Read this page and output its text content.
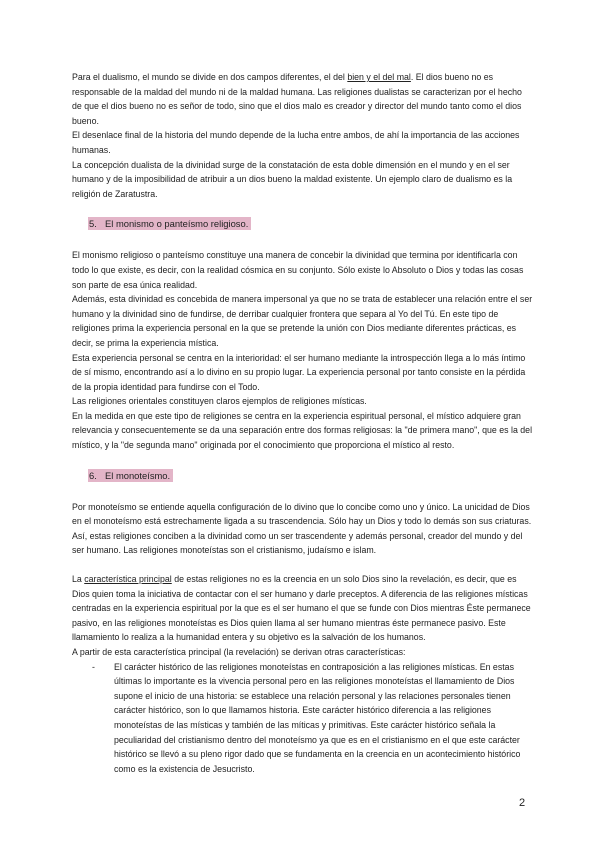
Para el dualismo, el mundo se divide en dos campos diferentes, el del bien y el del mal. El dios bueno no es responsable de la maldad del mundo ni de la maldad humana. Las religiones dualistas se caracterizan por el hecho de que el dios bueno no es señor de todo, sino que el dios malo es creador y director del mundo tanto como el dios bueno.

El desenlace final de la historia del mundo depende de la lucha entre ambos, de ahí la importancia de las acciones humanas.

La concepción dualista de la divinidad surge de la constatación de esta doble dimensión en el mundo y en el ser humano y de la imposibilidad de atribuir a un dios bueno la maldad existente. Un ejemplo claro de dualismo es la religión de Zaratustra.

5. El monismo o panteísmo religioso.

El monismo religioso o panteísmo constituye una manera de concebir la divinidad que termina por identificarla con todo lo que existe, es decir, con la realidad cósmica en su conjunto. Sólo existe lo Absoluto o Dios y todas las cosas son parte de esa única realidad.

Además, esta divinidad es concebida de manera impersonal ya que no se trata de establecer una relación entre el ser humano y la divinidad sino de fundirse, de derribar cualquier frontera que separa al Yo del Tú. En este tipo de religiones prima la experiencia personal en la que se pretende la unión con Dios mediante diferentes prácticas, es decir, se prima la experiencia mística.

Esta experiencia personal se centra en la interioridad: el ser humano mediante la introspección llega a lo más íntimo de sí mismo, encontrando así a lo divino en su propio lugar. La experiencia personal por tanto consiste en la pérdida de la propia identidad para fundirse con el Todo.

Las religiones orientales constituyen claros ejemplos de religiones místicas.

En la medida en que este tipo de religiones se centra en la experiencia espiritual personal, el místico adquiere gran relevancia y consecuentemente se da una separación entre dos formas religiosas: la "de primera mano", que es la del místico, y la "de segunda mano" originada por el conocimiento que proporciona el místico al resto.

6. El monoteísmo.

Por monoteísmo se entiende aquella configuración de lo divino que lo concibe como uno y único. La unicidad de Dios en el monoteísmo está estrechamente ligada a su trascendencia. Sólo hay un Dios y todo lo demás son sus criaturas. Así, estas religiones conciben a la divinidad como un ser trascendente y además personal, creador del mundo y del ser humano. Las religiones monoteístas son el cristianismo, judaísmo e islam.

La característica principal de estas religiones no es la creencia en un solo Dios sino la revelación, es decir, que es Dios quien toma la iniciativa de contactar con el ser humano y darle preceptos. A diferencia de las religiones místicas centradas en la experiencia espiritual por la que es el ser humano el que se funde con Dios mientras Éste permanece pasivo, en las religiones monoteístas es Dios quien llama al ser humano mientras éste permanece pasivo. Este llamamiento lo realiza a la humanidad entera y su objetivo es la salvación de los humanos.

A partir de esta característica principal (la revelación) se derivan otras características:

- El carácter histórico de las religiones monoteístas en contraposición a las religiones místicas. En estas últimas lo importante es la vivencia personal pero en las religiones monoteístas el llamamiento de Dios supone el inicio de una historia: se establece una relación personal y las relaciones personales tienen carácter histórico, son lo que llamamos historia. Este carácter histórico diferencia a las religiones monoteístas de las místicas y también de las míticas y primitivas. Este carácter histórico señala la peculiaridad del cristianismo dentro del monoteísmo ya que es en el cristianismo en el que este carácter histórico se llevó a su pleno rigor dado que se fundamenta en la creencia en un acontecimiento histórico como es la existencia de Jesucristo.
2
